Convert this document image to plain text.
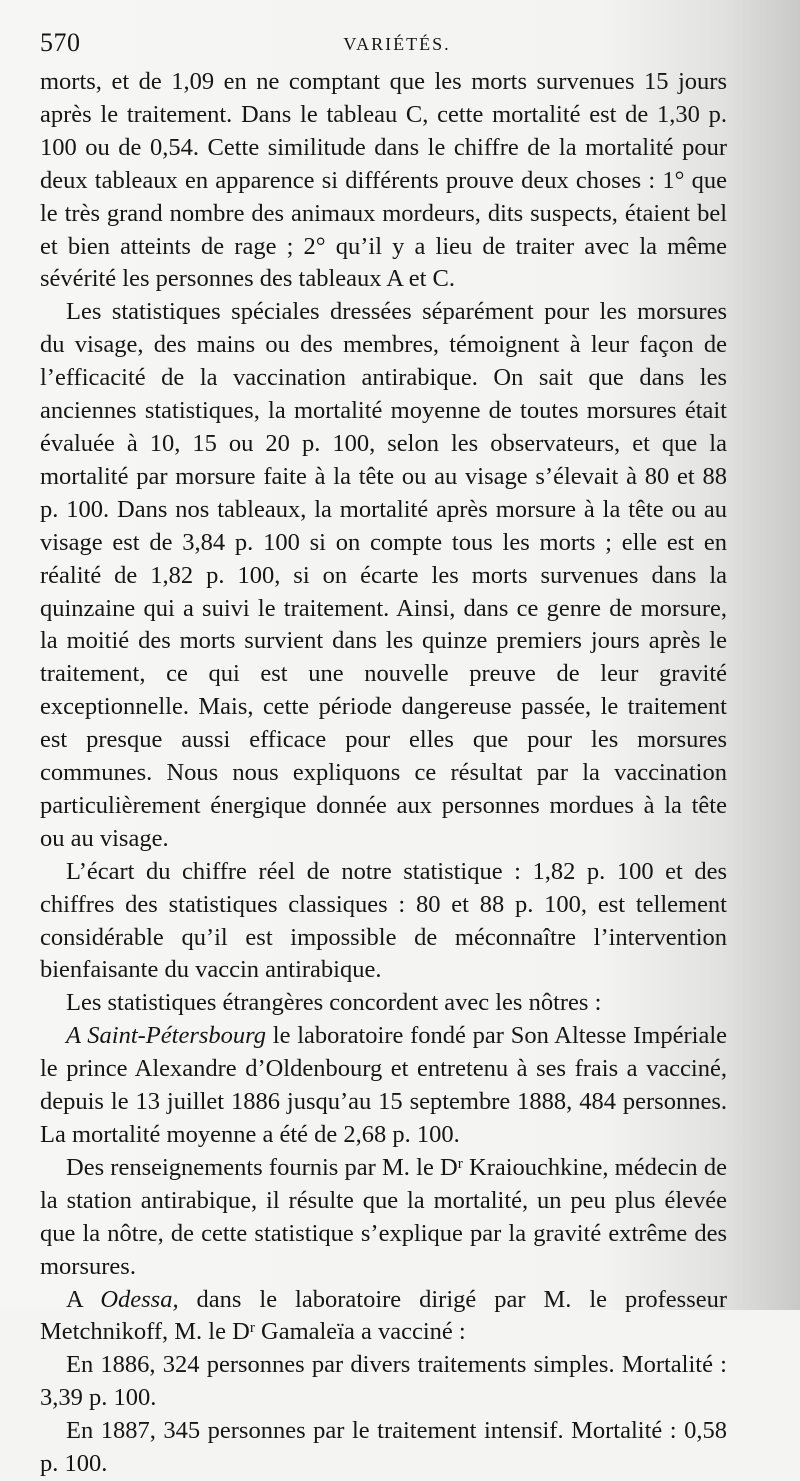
570	VARIÉTÉS.

morts, et de 1,09 en ne comptant que les morts survenues 15 jours après le traitement. Dans le tableau C, cette mortalité est de 1,30 p. 100 ou de 0,54. Cette similitude dans le chiffre de la mortalité pour deux tableaux en apparence si différents prouve deux choses : 1° que le très grand nombre des animaux mordeurs, dits suspects, étaient bel et bien atteints de rage ; 2° qu’il y a lieu de traiter avec la même sévérité les personnes des tableaux A et C.

Les statistiques spéciales dressées séparément pour les morsures du visage, des mains ou des membres, témoignent à leur façon de l’efficacité de la vaccination antirabique. On sait que dans les anciennes statistiques, la mortalité moyenne de toutes morsures était évaluée à 10, 15 ou 20 p. 100, selon les observateurs, et que la mortalité par morsure faite à la tête ou au visage s’élevait à 80 et 88 p. 100. Dans nos tableaux, la mortalité après morsure à la tête ou au visage est de 3,84 p. 100 si on compte tous les morts ; elle est en réalité de 1,82 p. 100, si on écarte les morts survenues dans la quinzaine qui a suivi le traitement. Ainsi, dans ce genre de morsure, la moitié des morts survient dans les quinze premiers jours après le traitement, ce qui est une nouvelle preuve de leur gravité exceptionnelle. Mais, cette période dangereuse passée, le traitement est presque aussi efficace pour elles que pour les morsures communes. Nous nous expliquons ce résultat par la vaccination particulièrement énergique donnée aux personnes mordues à la tête ou au visage.

L’écart du chiffre réel de notre statistique : 1,82 p. 100 et des chiffres des statistiques classiques : 80 et 88 p. 100, est tellement considérable qu’il est impossible de méconnaître l’intervention bienfaisante du vaccin antirabique.

Les statistiques étrangères concordent avec les nôtres :

A Saint-Pétersbourg le laboratoire fondé par Son Altesse Impériale le prince Alexandre d’Oldenbourg et entretenu à ses frais a vacciné, depuis le 13 juillet 1886 jusqu’au 15 septembre 1888, 484 personnes. La mortalité moyenne a été de 2,68 p. 100.

Des renseignements fournis par M. le $D^r$ Kraiouchkine, médecin de la station antirabique, il résulte que la mortalité, un peu plus élevée que la nôtre, de cette statistique s’explique par la gravité extrême des morsures.

A Odessa, dans le laboratoire dirigé par M. le professeur Metchnikoff, M. le $D^r$ Gamaleïa a vacciné :

En 1886, 324 personnes par divers traitements simples. Mortalité : 3,39 p. 100.

En 1887, 345 personnes par le traitement intensif. Mortalité : 0,58 p. 100.
